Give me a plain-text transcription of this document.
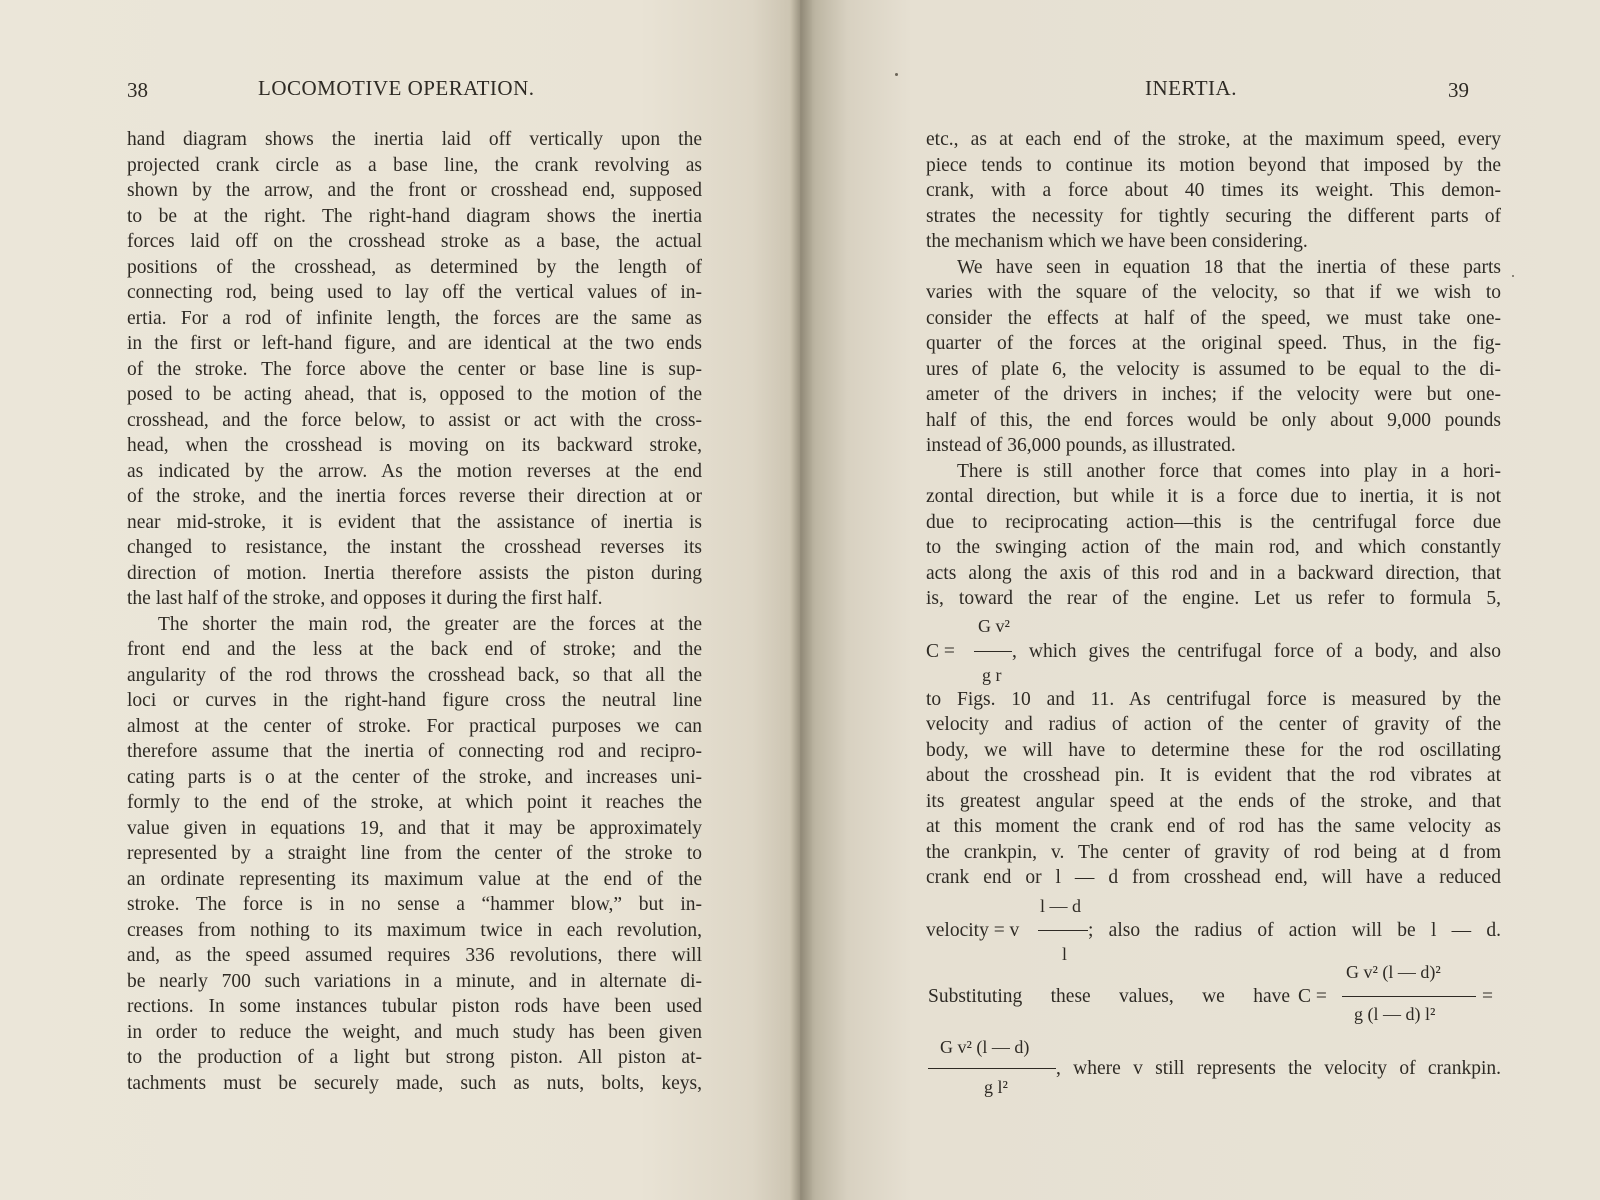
38	LOCOMOTIVE OPERATION.
hand diagram shows the inertia laid off vertically upon the
projected crank circle as a base line, the crank revolving as
shown by the arrow, and the front or crosshead end, supposed
to be at the right. The right-hand diagram shows the inertia
forces laid off on the crosshead stroke as a base, the actual
positions of the crosshead, as determined by the length of
connecting rod, being used to lay off the vertical values of in-
ertia. For a rod of infinite length, the forces are the same as
in the first or left-hand figure, and are identical at the two ends
of the stroke. The force above the center or base line is sup-
posed to be acting ahead, that is, opposed to the motion of the
crosshead, and the force below, to assist or act with the cross-
head, when the crosshead is moving on its backward stroke,
as indicated by the arrow. As the motion reverses at the end
of the stroke, and the inertia forces reverse their direction at or
near mid-stroke, it is evident that the assistance of inertia is
changed to resistance, the instant the crosshead reverses its
direction of motion. Inertia therefore assists the piston during
the last half of the stroke, and opposes it during the first half.
The shorter the main rod, the greater are the forces at the
front end and the less at the back end of stroke; and the
angularity of the rod throws the crosshead back, so that all the
loci or curves in the right-hand figure cross the neutral line
almost at the center of stroke. For practical purposes we can
therefore assume that the inertia of connecting rod and recipro-
cating parts is o at the center of the stroke, and increases uni-
formly to the end of the stroke, at which point it reaches the
value given in equations 19, and that it may be approximately
represented by a straight line from the center of the stroke to
an ordinate representing its maximum value at the end of the
stroke. The force is in no sense a “hammer blow,” but in-
creases from nothing to its maximum twice in each revolution,
and, as the speed assumed requires 336 revolutions, there will
be nearly 700 such variations in a minute, and in alternate di-
rections. In some instances tubular piston rods have been used
in order to reduce the weight, and much study has been given
to the production of a light but strong piston. All piston at-
tachments must be securely made, such as nuts, bolts, keys,
INERTIA.	39
etc., as at each end of the stroke, at the maximum speed, every
piece tends to continue its motion beyond that imposed by the
crank, with a force about 40 times its weight. This demon-
strates the necessity for tightly securing the different parts of
the mechanism which we have been considering.
We have seen in equation 18 that the inertia of these parts
varies with the square of the velocity, so that if we wish to
consider the effects at half of the speed, we must take one-
quarter of the forces at the original speed. Thus, in the fig-
ures of plate 6, the velocity is assumed to be equal to the di-
ameter of the drivers in inches; if the velocity were but one-
half of this, the end forces would be only about 9,000 pounds
instead of 36,000 pounds, as illustrated.
There is still another force that comes into play in a hori-
zontal direction, but while it is a force due to inertia, it is not
due to reciprocating action—this is the centrifugal force due
to the swinging action of the main rod, and which constantly
acts along the axis of this rod and in a backward direction, that
is, toward the rear of the engine. Let us refer to formula 5,
G v²
C =	, which gives the centrifugal force of a body, and also
g r
to Figs. 10 and 11. As centrifugal force is measured by the
velocity and radius of action of the center of gravity of the
body, we will have to determine these for the rod oscillating
about the crosshead pin. It is evident that the rod vibrates at
its greatest angular speed at the ends of the stroke, and that
at this moment the crank end of rod has the same velocity as
the crankpin, v. The center of gravity of rod being at d from
crank end or l — d from crosshead end, will have a reduced
l — d
velocity = v	; also the radius of action will be l — d.
l
Substituting these values, we have C =
G v² (l — d)²
g (l — d) l²
=
G v² (l — d)
, where v still represents the velocity of crankpin.
g l²
